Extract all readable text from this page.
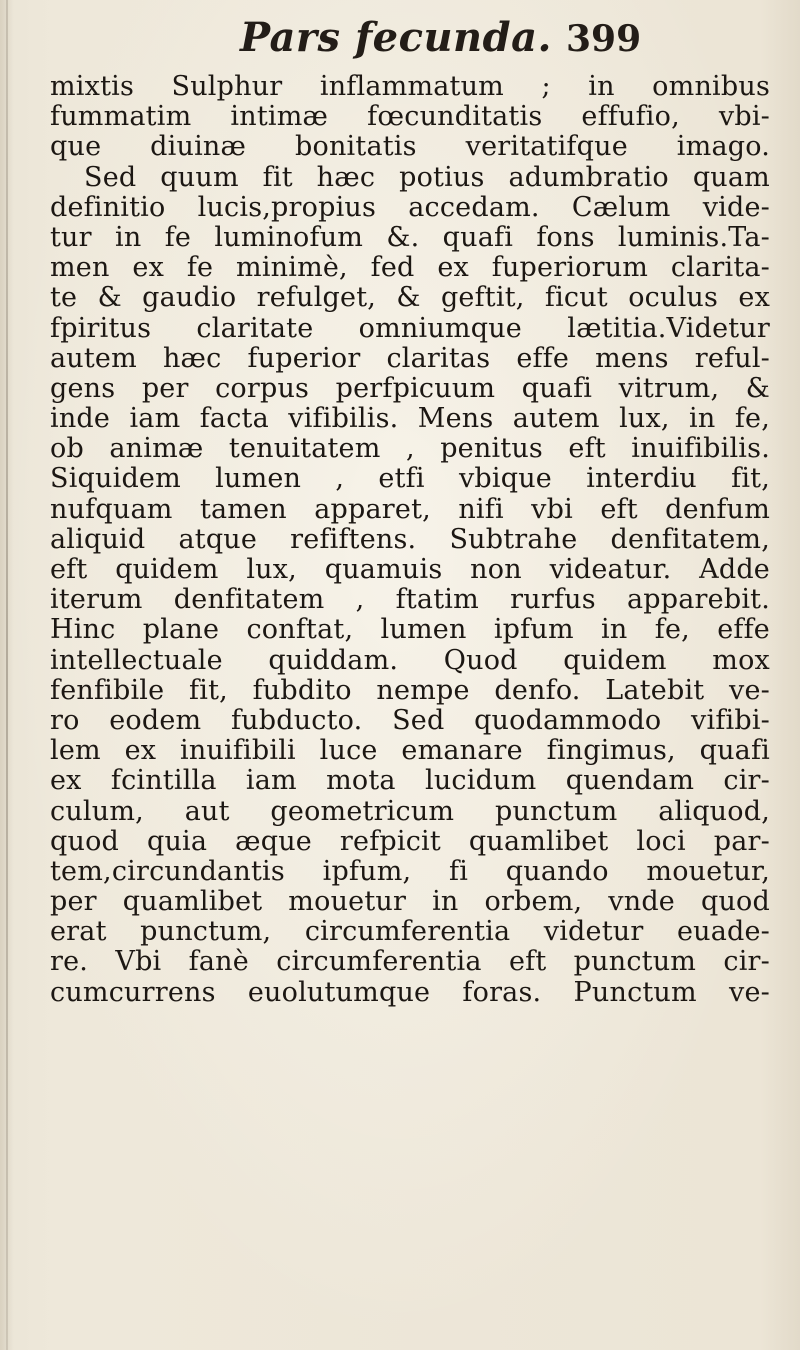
Pars fecunda. 399
mixtis Sulphur inflammatum ; in omnibus
fummatim intimæ fœcunditatis effufio, vbi-
que diuinæ bonitatis veritatifque imago.
Sed quum fit hæc potius adumbratio quam
definitio lucis,propius accedam. Cælum vide-
tur in fe luminofum &. quafi fons luminis.Ta-
men ex fe minimè, fed ex fuperiorum clarita-
te & gaudio refulget, & geftit, ficut oculus ex
fpiritus claritate omniumque lætitia.Videtur
autem hæc fuperior claritas effe mens reful-
gens per corpus perfpicuum quafi vitrum, &
inde iam facta vifibilis. Mens autem lux, in fe,
ob animæ tenuitatem , penitus eft inuifibilis.
Siquidem lumen , etfi vbique interdiu fit,
nufquam tamen apparet, nifi vbi eft denfum
aliquid atque refiftens. Subtrahe denfitatem,
eft quidem lux, quamuis non videatur. Adde
iterum denfitatem , ftatim rurfus apparebit.
Hinc plane conftat, lumen ipfum in fe, effe
intellectuale quiddam. Quod quidem mox
fenfibile fit, fubdito nempe denfo. Latebit ve-
ro eodem fubducto. Sed quodammodo vifibi-
lem ex inuifibili luce emanare fingimus, quafi
ex fcintilla iam mota lucidum quendam cir-
culum, aut geometricum punctum aliquod,
quod quia æque refpicit quamlibet loci par-
tem,circundantis ipfum, fi quando mouetur,
per quamlibet mouetur in orbem, vnde quod
erat punctum, circumferentia videtur euade-
re. Vbi fanè circumferentia eft punctum cir-
cumcurrens euolutumque foras. Punctum ve-
